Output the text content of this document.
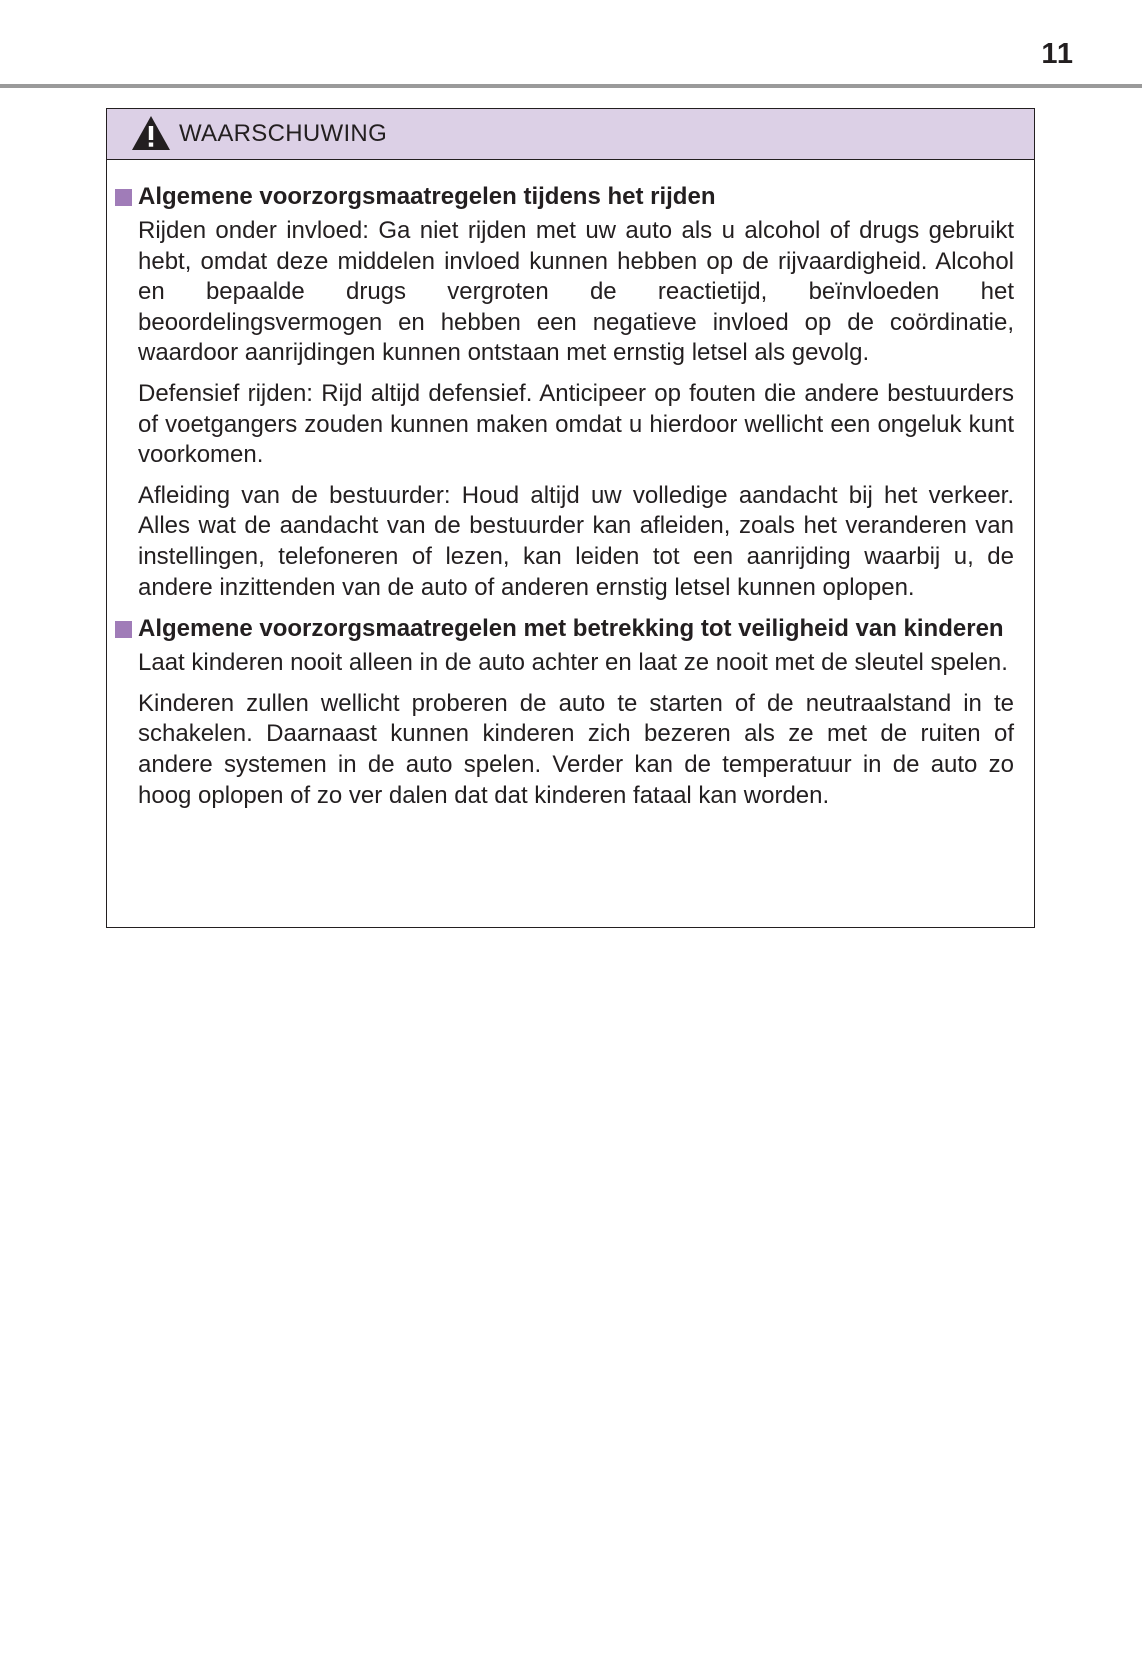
11
WAARSCHUWING
Algemene voorzorgsmaatregelen tijdens het rijden

Rijden onder invloed: Ga niet rijden met uw auto als u alcohol of drugs gebruikt hebt, omdat deze middelen invloed kunnen hebben op de rijvaardigheid. Alcohol en bepaalde drugs vergroten de reactietijd, beïnvloeden het beoordelingsvermogen en hebben een negatieve invloed op de coördinatie, waardoor aanrijdingen kunnen ontstaan met ernstig letsel als gevolg.

Defensief rijden: Rijd altijd defensief. Anticipeer op fouten die andere bestuurders of voetgangers zouden kunnen maken omdat u hierdoor wellicht een ongeluk kunt voorkomen.

Afleiding van de bestuurder: Houd altijd uw volledige aandacht bij het verkeer. Alles wat de aandacht van de bestuurder kan afleiden, zoals het veranderen van instellingen, telefoneren of lezen, kan leiden tot een aanrijding waarbij u, de andere inzittenden van de auto of anderen ernstig letsel kunnen oplopen.

Algemene voorzorgsmaatregelen met betrekking tot veiligheid van kinderen

Laat kinderen nooit alleen in de auto achter en laat ze nooit met de sleutel spelen.

Kinderen zullen wellicht proberen de auto te starten of de neutraalstand in te schakelen. Daarnaast kunnen kinderen zich bezeren als ze met de ruiten of andere systemen in de auto spelen. Verder kan de temperatuur in de auto zo hoog oplopen of zo ver dalen dat dat kinderen fataal kan worden.
